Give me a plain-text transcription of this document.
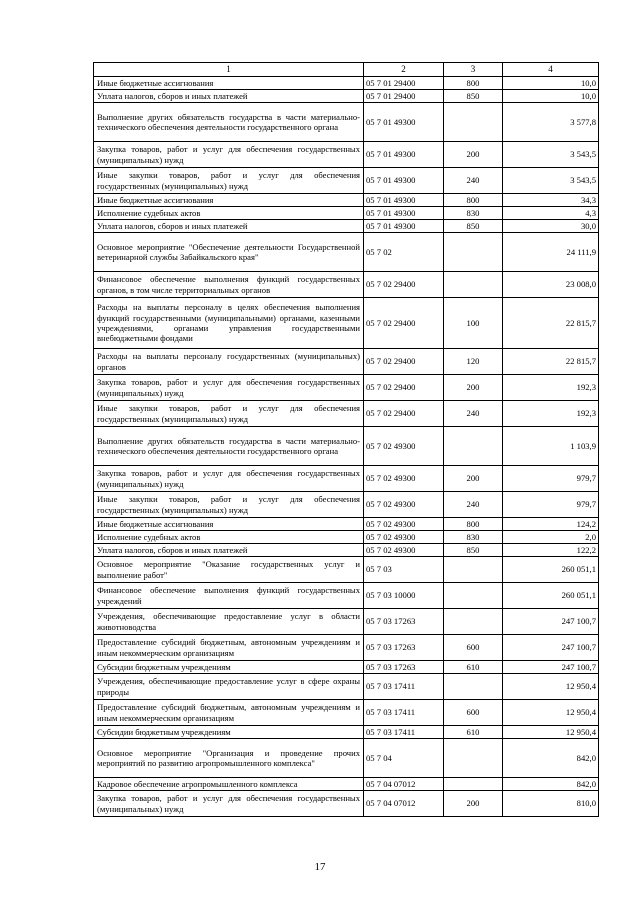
1	2	3	4
Иные бюджетные ассигнования	05 7 01 29400	800	10,0
Уплата налогов, сборов и иных платежей	05 7 01 29400	850	10,0
Выполнение других обязательств государства в части материально-технического обеспечения деятельности государственного органа	05 7 01 49300		3 577,8
Закупка товаров, работ и услуг для обеспечения государственных (муниципальных) нужд	05 7 01 49300	200	3 543,5
Иные закупки товаров, работ и услуг для обеспечения государственных (муниципальных) нужд	05 7 01 49300	240	3 543,5
Иные бюджетные ассигнования	05 7 01 49300	800	34,3
Исполнение судебных актов	05 7 01 49300	830	4,3
Уплата налогов, сборов и иных платежей	05 7 01 49300	850	30,0
Основное мероприятие "Обеспечение деятельности Государственной ветеринарной службы Забайкальского края"	05 7 02		24 111,9
Финансовое обеспечение выполнения функций государственных органов, в том числе территориальных органов	05 7 02 29400		23 008,0
Расходы на выплаты персоналу в целях обеспечения выполнения функций государственными (муниципальными) органами, казенными учреждениями, органами управления государственными внебюджетными фондами	05 7 02 29400	100	22 815,7
Расходы на выплаты персоналу государственных (муниципальных) органов	05 7 02 29400	120	22 815,7
Закупка товаров, работ и услуг для обеспечения государственных (муниципальных) нужд	05 7 02 29400	200	192,3
Иные закупки товаров, работ и услуг для обеспечения государственных (муниципальных) нужд	05 7 02 29400	240	192,3
Выполнение других обязательств государства в части материально-технического обеспечения деятельности государственного органа	05 7 02 49300		1 103,9
Закупка товаров, работ и услуг для обеспечения государственных (муниципальных) нужд	05 7 02 49300	200	979,7
Иные закупки товаров, работ и услуг для обеспечения государственных (муниципальных) нужд	05 7 02 49300	240	979,7
Иные бюджетные ассигнования	05 7 02 49300	800	124,2
Исполнение судебных актов	05 7 02 49300	830	2,0
Уплата налогов, сборов и иных платежей	05 7 02 49300	850	122,2
Основное мероприятие "Оказание государственных услуг и выполнение работ"	05 7 03		260 051,1
Финансовое обеспечение выполнения функций государственных учреждений	05 7 03 10000		260 051,1
Учреждения, обеспечивающие предоставление услуг в области животноводства	05 7 03 17263		247 100,7
Предоставление субсидий бюджетным, автономным учреждениям и иным некоммерческим организациям	05 7 03 17263	600	247 100,7
Субсидии бюджетным учреждениям	05 7 03 17263	610	247 100,7
Учреждения, обеспечивающие предоставление услуг в сфере охраны природы	05 7 03 17411		12 950,4
Предоставление субсидий бюджетным, автономным учреждениям и иным некоммерческим организациям	05 7 03 17411	600	12 950,4
Субсидии бюджетным учреждениям	05 7 03 17411	610	12 950,4
Основное мероприятие "Организация и проведение прочих мероприятий по развитию агропромышленного комплекса"	05 7 04		842,0
Кадровое обеспечение агропромышленного комплекса	05 7 04 07012		842,0
Закупка товаров, работ и услуг для обеспечения государственных (муниципальных) нужд	05 7 04 07012	200	810,0
17
